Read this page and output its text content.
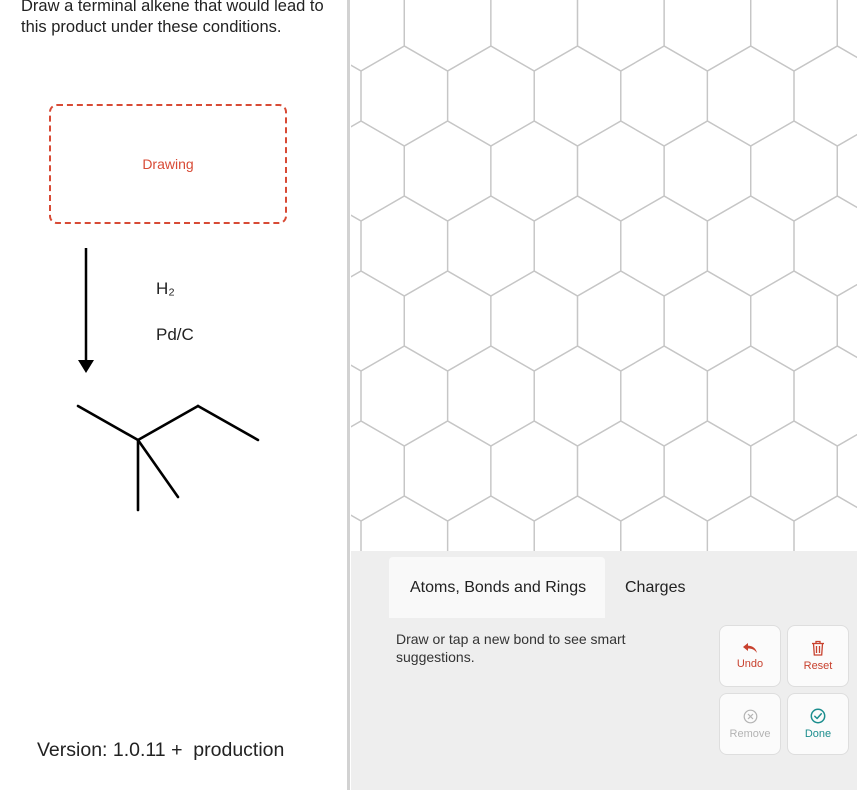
Draw a terminal alkene that would lead to this product under these conditions.
Drawing
H₂
Pd/C
Version: 1.0.11 +  production
Atoms, Bonds and Rings	Charges
Draw or tap a new bond to see smart suggestions.	Undo	Reset
Remove	Done
